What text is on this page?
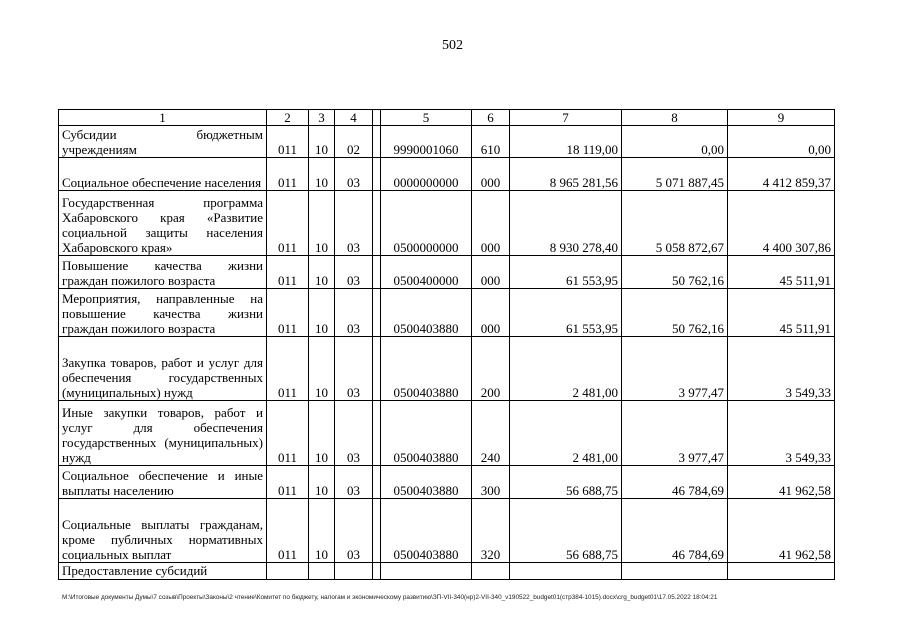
502
1	2	3	4		5	6	7	8	9
Субсидии бюджетным учреждениям	011	10	02		9990001060	610	18 119,00	0,00	0,00
Социальное обеспечение населения	011	10	03		0000000000	000	8 965 281,56	5 071 887,45	4 412 859,37
Государственная программа Хабаровского края «Развитие социальной защиты населения Хабаровского края»	011	10	03		0500000000	000	8 930 278,40	5 058 872,67	4 400 307,86
Повышение качества жизни граждан пожилого возраста	011	10	03		0500400000	000	61 553,95	50 762,16	45 511,91
Мероприятия, направленные на повышение качества жизни граждан пожилого возраста	011	10	03		0500403880	000	61 553,95	50 762,16	45 511,91
Закупка товаров, работ и услуг для обеспечения государственных (муниципальных) нужд	011	10	03		0500403880	200	2 481,00	3 977,47	3 549,33
Иные закупки товаров, работ и услуг для обеспечения государственных (муниципальных) нужд	011	10	03		0500403880	240	2 481,00	3 977,47	3 549,33
Социальное обеспечение и иные выплаты населению	011	10	03		0500403880	300	56 688,75	46 784,69	41 962,58
Социальные выплаты гражданам, кроме публичных нормативных социальных выплат	011	10	03		0500403880	320	56 688,75	46 784,69	41 962,58
Предоставление субсидий									
М:\Итоговые документы Думы\7 созыв\Проекты\Законы\2 чтение\Комитет по бюджету, налогам и экономическому развитию\ЗП-VII-340(нр)2-VII-340_v190522_budget01(стр384-1015).docx\crg_budget01\17.05.2022 18:04:21
